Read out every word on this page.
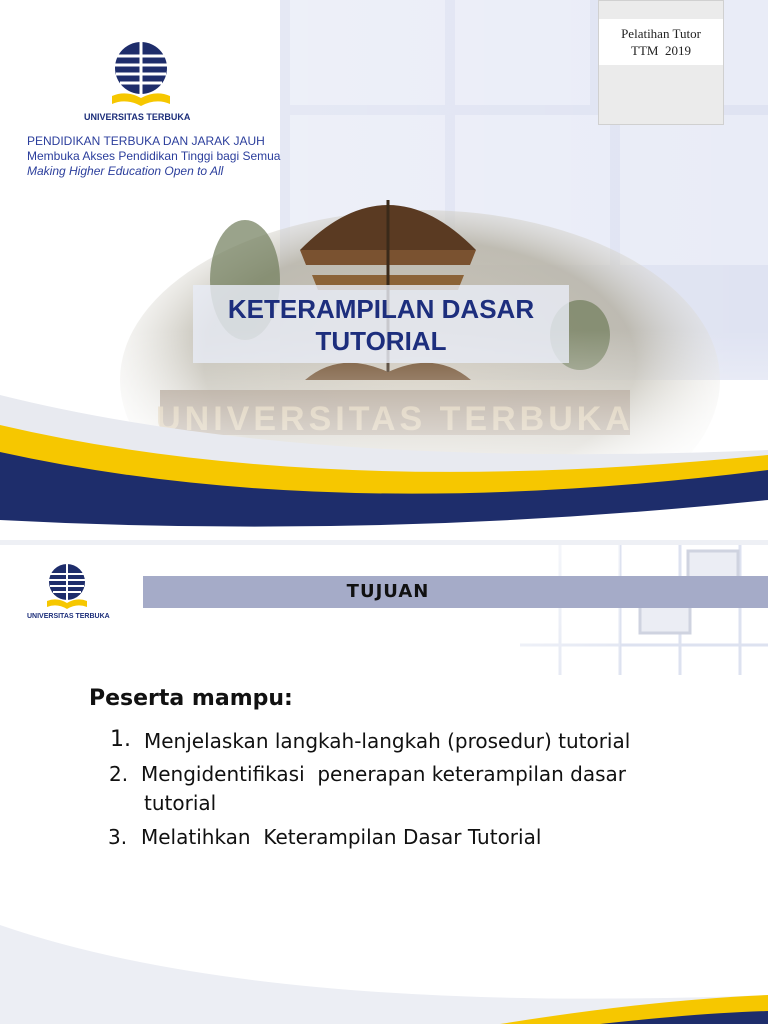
UNIVERSITAS TERBUKA
PENDIDIKAN TERBUKA DAN JARAK JAUH
Membuka Akses Pendidikan Tinggi bagi Semua
Making Higher Education Open to All
Pelatihan Tutor
TTM  2019
KETERAMPILAN DASAR
TUTORIAL
UNIVERSITAS TERBUKA
TUJUAN
Peserta mampu:
1. Menjelaskan langkah-langkah (prosedur) tutorial
2. Mengidentifikasi  penerapan keterampilan dasar
tutorial
3. Melatihkan  Keterampilan Dasar Tutorial
